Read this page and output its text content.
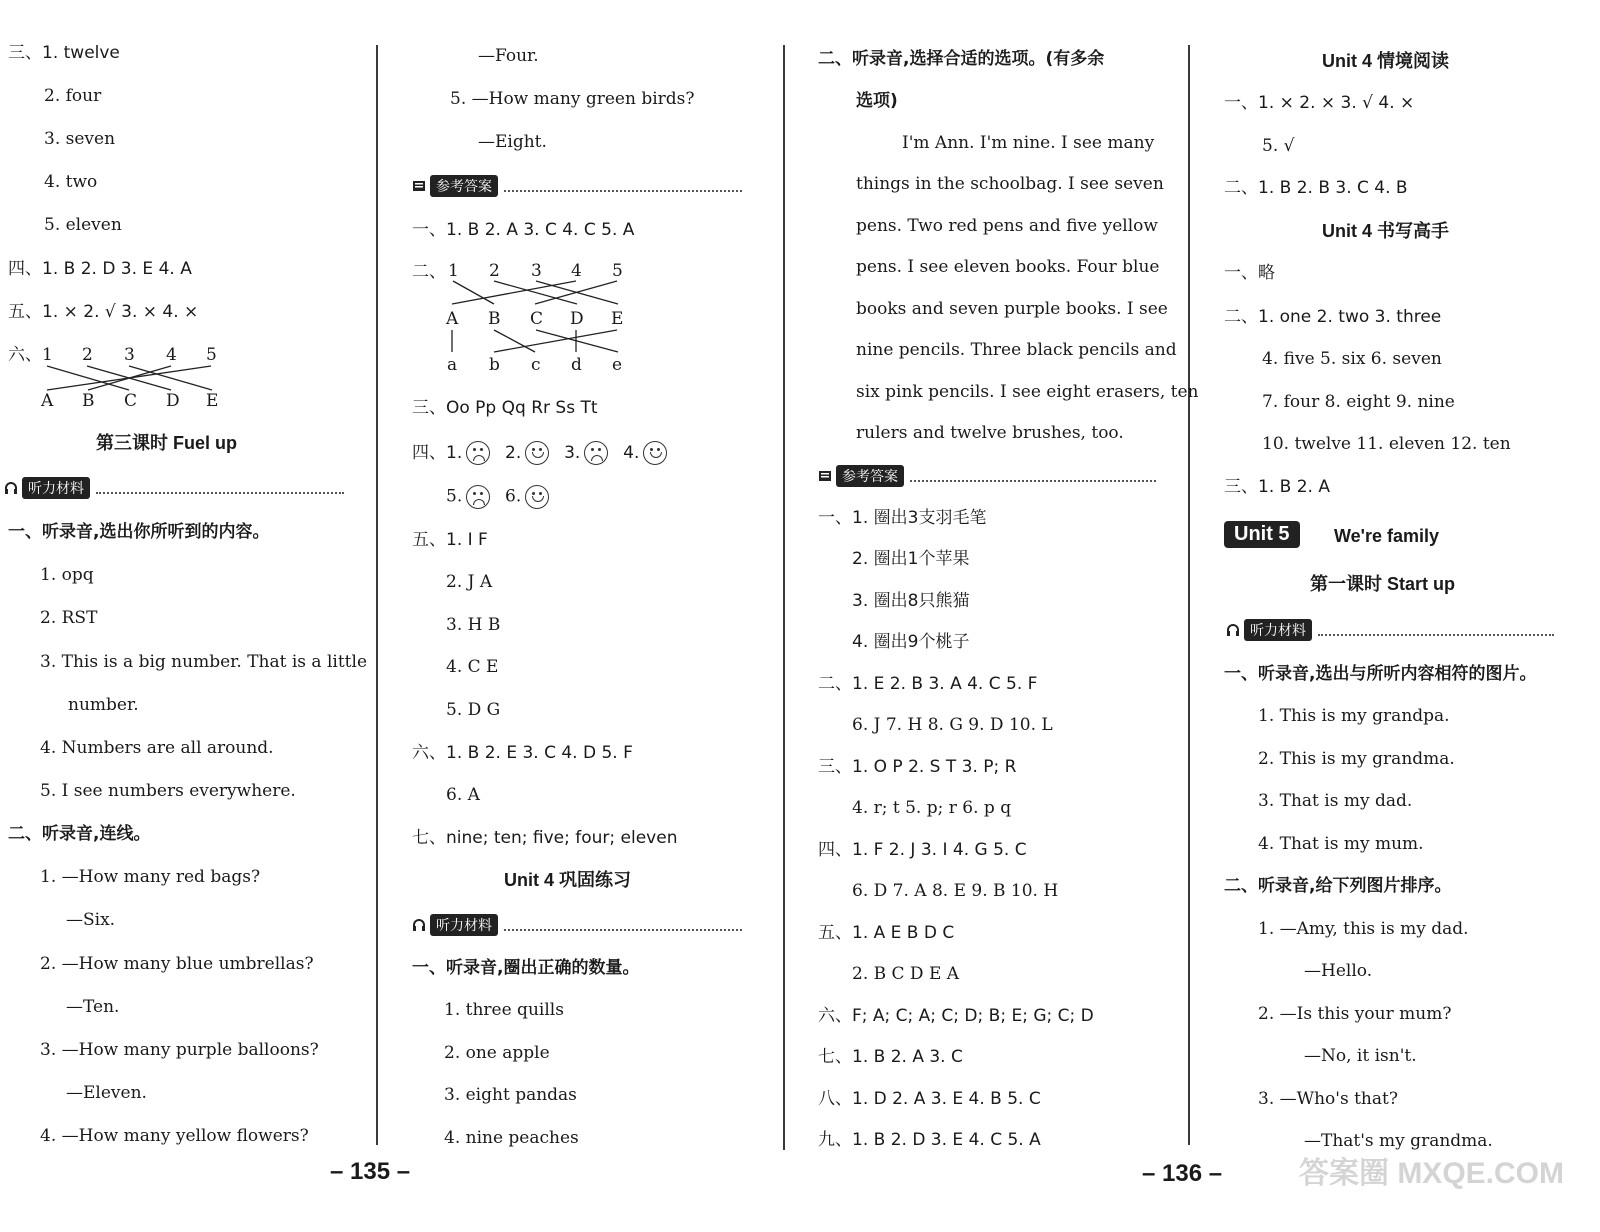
三、1. twelve
2. four
3. seven
4. two
5. eleven
四、1. B 2. D 3. E 4. A
五、1. × 2. √ 3. × 4. ×
六、 1 2 3 4 5
A B C D E
第三课时 Fuel up
听力材料
一、听录音,选出你所听到的内容。
1. opq
2. RST
3. This is a big number. That is a little
number.
4. Numbers are all around.
5. I see numbers everywhere.
二、听录音,连线。
1. —How many red bags?
—Six.
2. —How many blue umbrellas?
—Ten.
3. —How many purple balloons?
—Eleven.
4. —How many yellow flowers?
—Four.
5. —How many green birds?
—Eight.
参考答案
一、1. B 2. A 3. C 4. C 5. A
二、 1 2 3 4 5
A B C D E
a b c d e
三、Oo Pp Qq Rr Ss Tt
四、1.	2.	3.	4.
5.	6.
五、1. I F
2. J A
3. H B
4. C E
5. D G
六、1. B 2. E 3. C 4. D 5. F
6. A
七、nine; ten; five; four; eleven
Unit 4 巩固练习
听力材料
一、听录音,圈出正确的数量。
1. three quills
2. one apple
3. eight pandas
4. nine peaches
– 135 –
二、听录音,选择合适的选项。(有多余
选项)
I'm Ann. I'm nine. I see many
things in the schoolbag. I see seven
pens. Two red pens and five yellow
pens. I see eleven books. Four blue
books and seven purple books. I see
nine pencils. Three black pencils and
six pink pencils. I see eight erasers, ten
rulers and twelve brushes, too.
参考答案
一、1. 圈出3支羽毛笔
2. 圈出1个苹果
3. 圈出8只熊猫
4. 圈出9个桃子
二、1. E 2. B 3. A 4. C 5. F
6. J 7. H 8. G 9. D 10. L
三、1. O P 2. S T 3. P; R
4. r; t 5. p; r 6. p q
四、1. F 2. J 3. I 4. G 5. C
6. D 7. A 8. E 9. B 10. H
五、1. A E B D C
2. B C D E A
六、F; A; C; A; C; D; B; E; G; C; D
七、1. B 2. A 3. C
八、1. D 2. A 3. E 4. B 5. C
九、1. B 2. D 3. E 4. C 5. A
Unit 4 情境阅读
一、1. × 2. × 3. √ 4. ×
5. √
二、1. B 2. B 3. C 4. B
Unit 4 书写高手
一、略
二、1. one 2. two 3. three
4. five 5. six 6. seven
7. four 8. eight 9. nine
10. twelve 11. eleven 12. ten
三、1. B 2. A
Unit 5	We're family
第一课时 Start up
听力材料
一、听录音,选出与所听内容相符的图片。
1. This is my grandpa.
2. This is my grandma.
3. That is my dad.
4. That is my mum.
二、听录音,给下列图片排序。
1. —Amy, this is my dad.
—Hello.
2. —Is this your mum?
—No, it isn't.
3. —Who's that?
—That's my grandma.
– 136 –	答案圈 MXQE.COM
